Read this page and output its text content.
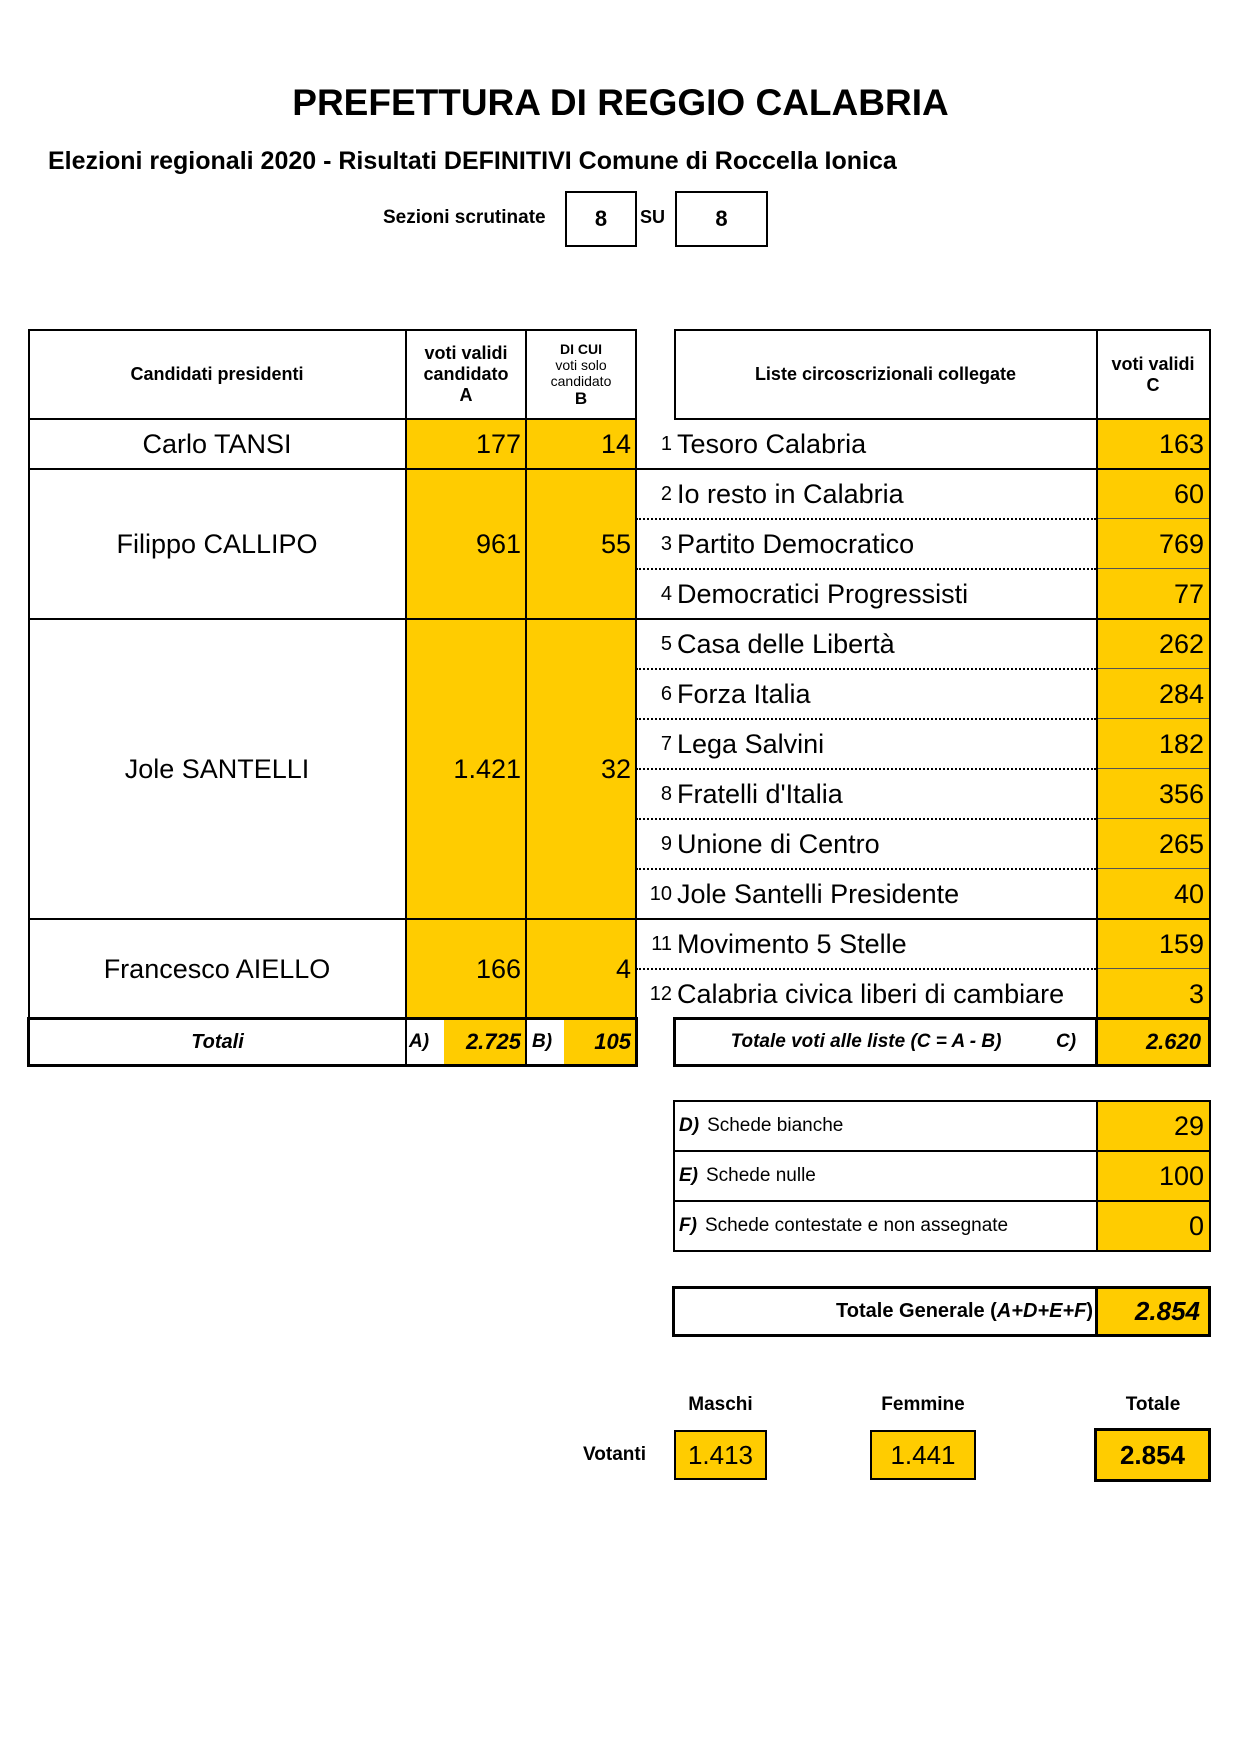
PREFETTURA DI REGGIO CALABRIA
Elezioni regionali 2020 - Risultati DEFINITIVI Comune di Roccella Ionica
Sezioni scrutinate	8	SU	8
Candidati presidenti
voti validi
candidato
A
DI CUI
voti solo
candidato
B
Carlo TANSI	177	14
Filippo CALLIPO	961	55
Jole SANTELLI	1.421	32
Francesco AIELLO	166	4
Totali	A)	2.725 B)	105
Liste circoscrizionali collegate
voti validi
C
1 Tesoro Calabria	163
2 Io resto in Calabria	60
3 Partito Democratico	769
4 Democratici Progressisti	77
5 Casa delle Libertà	262
6 Forza Italia	284
7 Lega Salvini	182
8 Fratelli d'Italia	356
9 Unione di Centro	265
10 Jole Santelli Presidente	40
11 Movimento 5 Stelle	159
12 Calabria civica liberi di cambiare	3
Totale voti alle liste (C = A - B)	C)	2.620
D) Schede bianche	29
E) Schede nulle	100
F) Schede contestate e non assegnate	0
Totale Generale ( A+D+E+F )	2.854
Maschi	Femmine	Totale
Votanti	1.413	1.441	2.854
